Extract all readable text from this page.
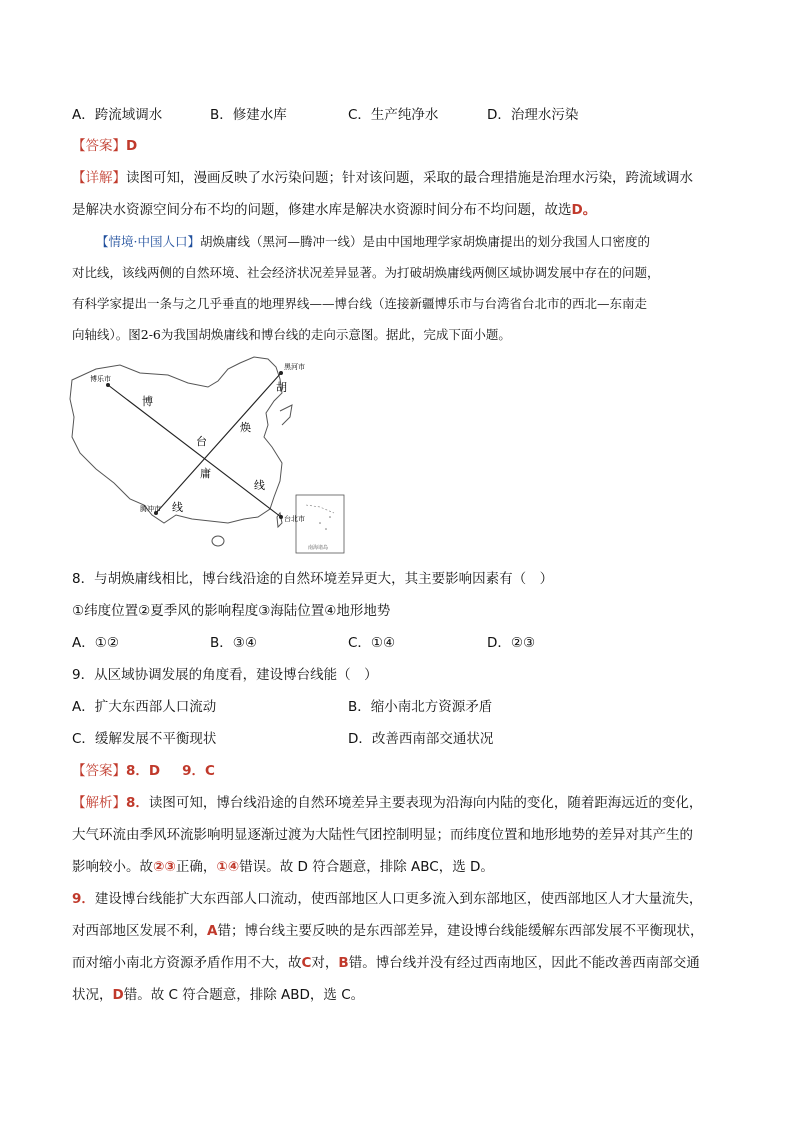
A．跨流域调水	B．修建水库	C．生产纯净水	D．治理水污染
【答案】D
【详解】读图可知，漫画反映了水污染问题；针对该问题，采取的最合理措施是治理水污染，跨流域调水
是解决水资源空间分布不均的问题，修建水库是解决水资源时间分布不均问题，故选D。
【情境·中国人口】胡焕庸线（黑河—腾冲一线）是由中国地理学家胡焕庸提出的划分我国人口密度的
对比线，该线两侧的自然环境、社会经济状况差异显著。为打破胡焕庸线两侧区域协调发展中存在的问题，
有科学家提出一条与之几乎垂直的地理界线——博台线（连接新疆博乐市与台湾省台北市的西北—东南走
向轴线）。图2-6为我国胡焕庸线和博台线的走向示意图。据此，完成下面小题。
博乐市
黑河市
腾冲市
台北市
博
台
线
胡
焕
庸
线
南海诸岛
8．与胡焕庸线相比，博台线沿途的自然环境差异更大，其主要影响因素有（　）
①纬度位置②夏季风的影响程度③海陆位置④地形地势
A．①②	B．③④	C．①④	D．②③
9．从区域协调发展的角度看，建设博台线能（　）
A．扩大东西部人口流动	B．缩小南北方资源矛盾
C．缓解发展不平衡现状	D．改善西南部交通状况
【答案】8．D 9．C
【解析】8．读图可知，博台线沿途的自然环境差异主要表现为沿海向内陆的变化，随着距海远近的变化，
大气环流由季风环流影响明显逐渐过渡为大陆性气团控制明显；而纬度位置和地形地势的差异对其产生的
影响较小。故②③正确，①④错误。故 D 符合题意，排除 ABC，选 D。
9．建设博台线能扩大东西部人口流动，使西部地区人口更多流入到东部地区，使西部地区人才大量流失，
对西部地区发展不利，A错；博台线主要反映的是东西部差异，建设博台线能缓解东西部发展不平衡现状，
而对缩小南北方资源矛盾作用不大，故C对，B错。博台线并没有经过西南地区，因此不能改善西南部交通
状况，D错。故 C 符合题意，排除 ABD，选 C。
